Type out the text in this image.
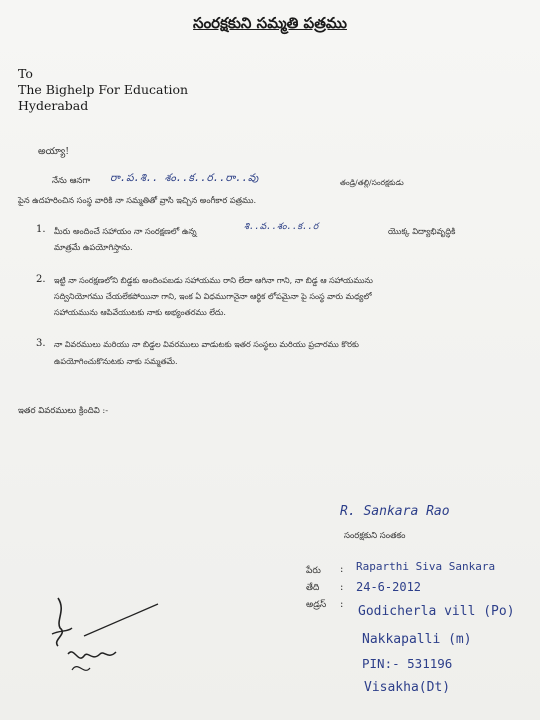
సంరక్షకుని సమ్మతి పత్రము
To
The Bighelp For Education
Hyderabad
అయ్యా!
నేను ఆనగా రా.ప.శి.. శం..క..ర..రా..వు	తండ్రి/తల్లి/సంరక్షకుడు
పైన ఉదహరించిన సంస్థ వారికి నా సమ్మతితో వ్రాసి ఇచ్చిన అంగీకార పత్రము.
1. మీరు అందించే సహాయం నా సంరక్షణలో ఉన్న	శి..వ..శం..క..ర	యొక్క విద్యాభివృద్ధికి
మాత్రమే ఉపయోగిస్తాను.
2. ఇట్టి నా సంరక్షణలోని బిడ్డకు అందింపబడు సహాయము రాని లేదా ఆగినా గాని, నా బిడ్డ ఆ సహాయమును
సద్వినియోగము చేయలేకపోయినా గాని, ఇంక ఏ విధముగానైనా ఆర్థిక లోపమైనా పై సంస్థ వారు మధ్యలో
సహాయమును ఆపివేయుటకు నాకు అభ్యంతరము లేదు.
3. నా వివరములు మరియు నా బిడ్డల వివరములు వాడుటకు ఇతర సంస్థలు మరియు ప్రచారము కొరకు
ఉపయోగించుకొనుటకు నాకు సమ్మతమే.
ఇతర వివరములు క్రిందివి :-
R. Sankara Rao
సంరక్షకుని సంతకం
పేరు : Raparthi Siva Sankara
తేది : 24-6-2012
అడ్రస్ : Godicherla vill (Po)
Nakkapalli (m)
PIN:- 531196
Visakha(Dt)
